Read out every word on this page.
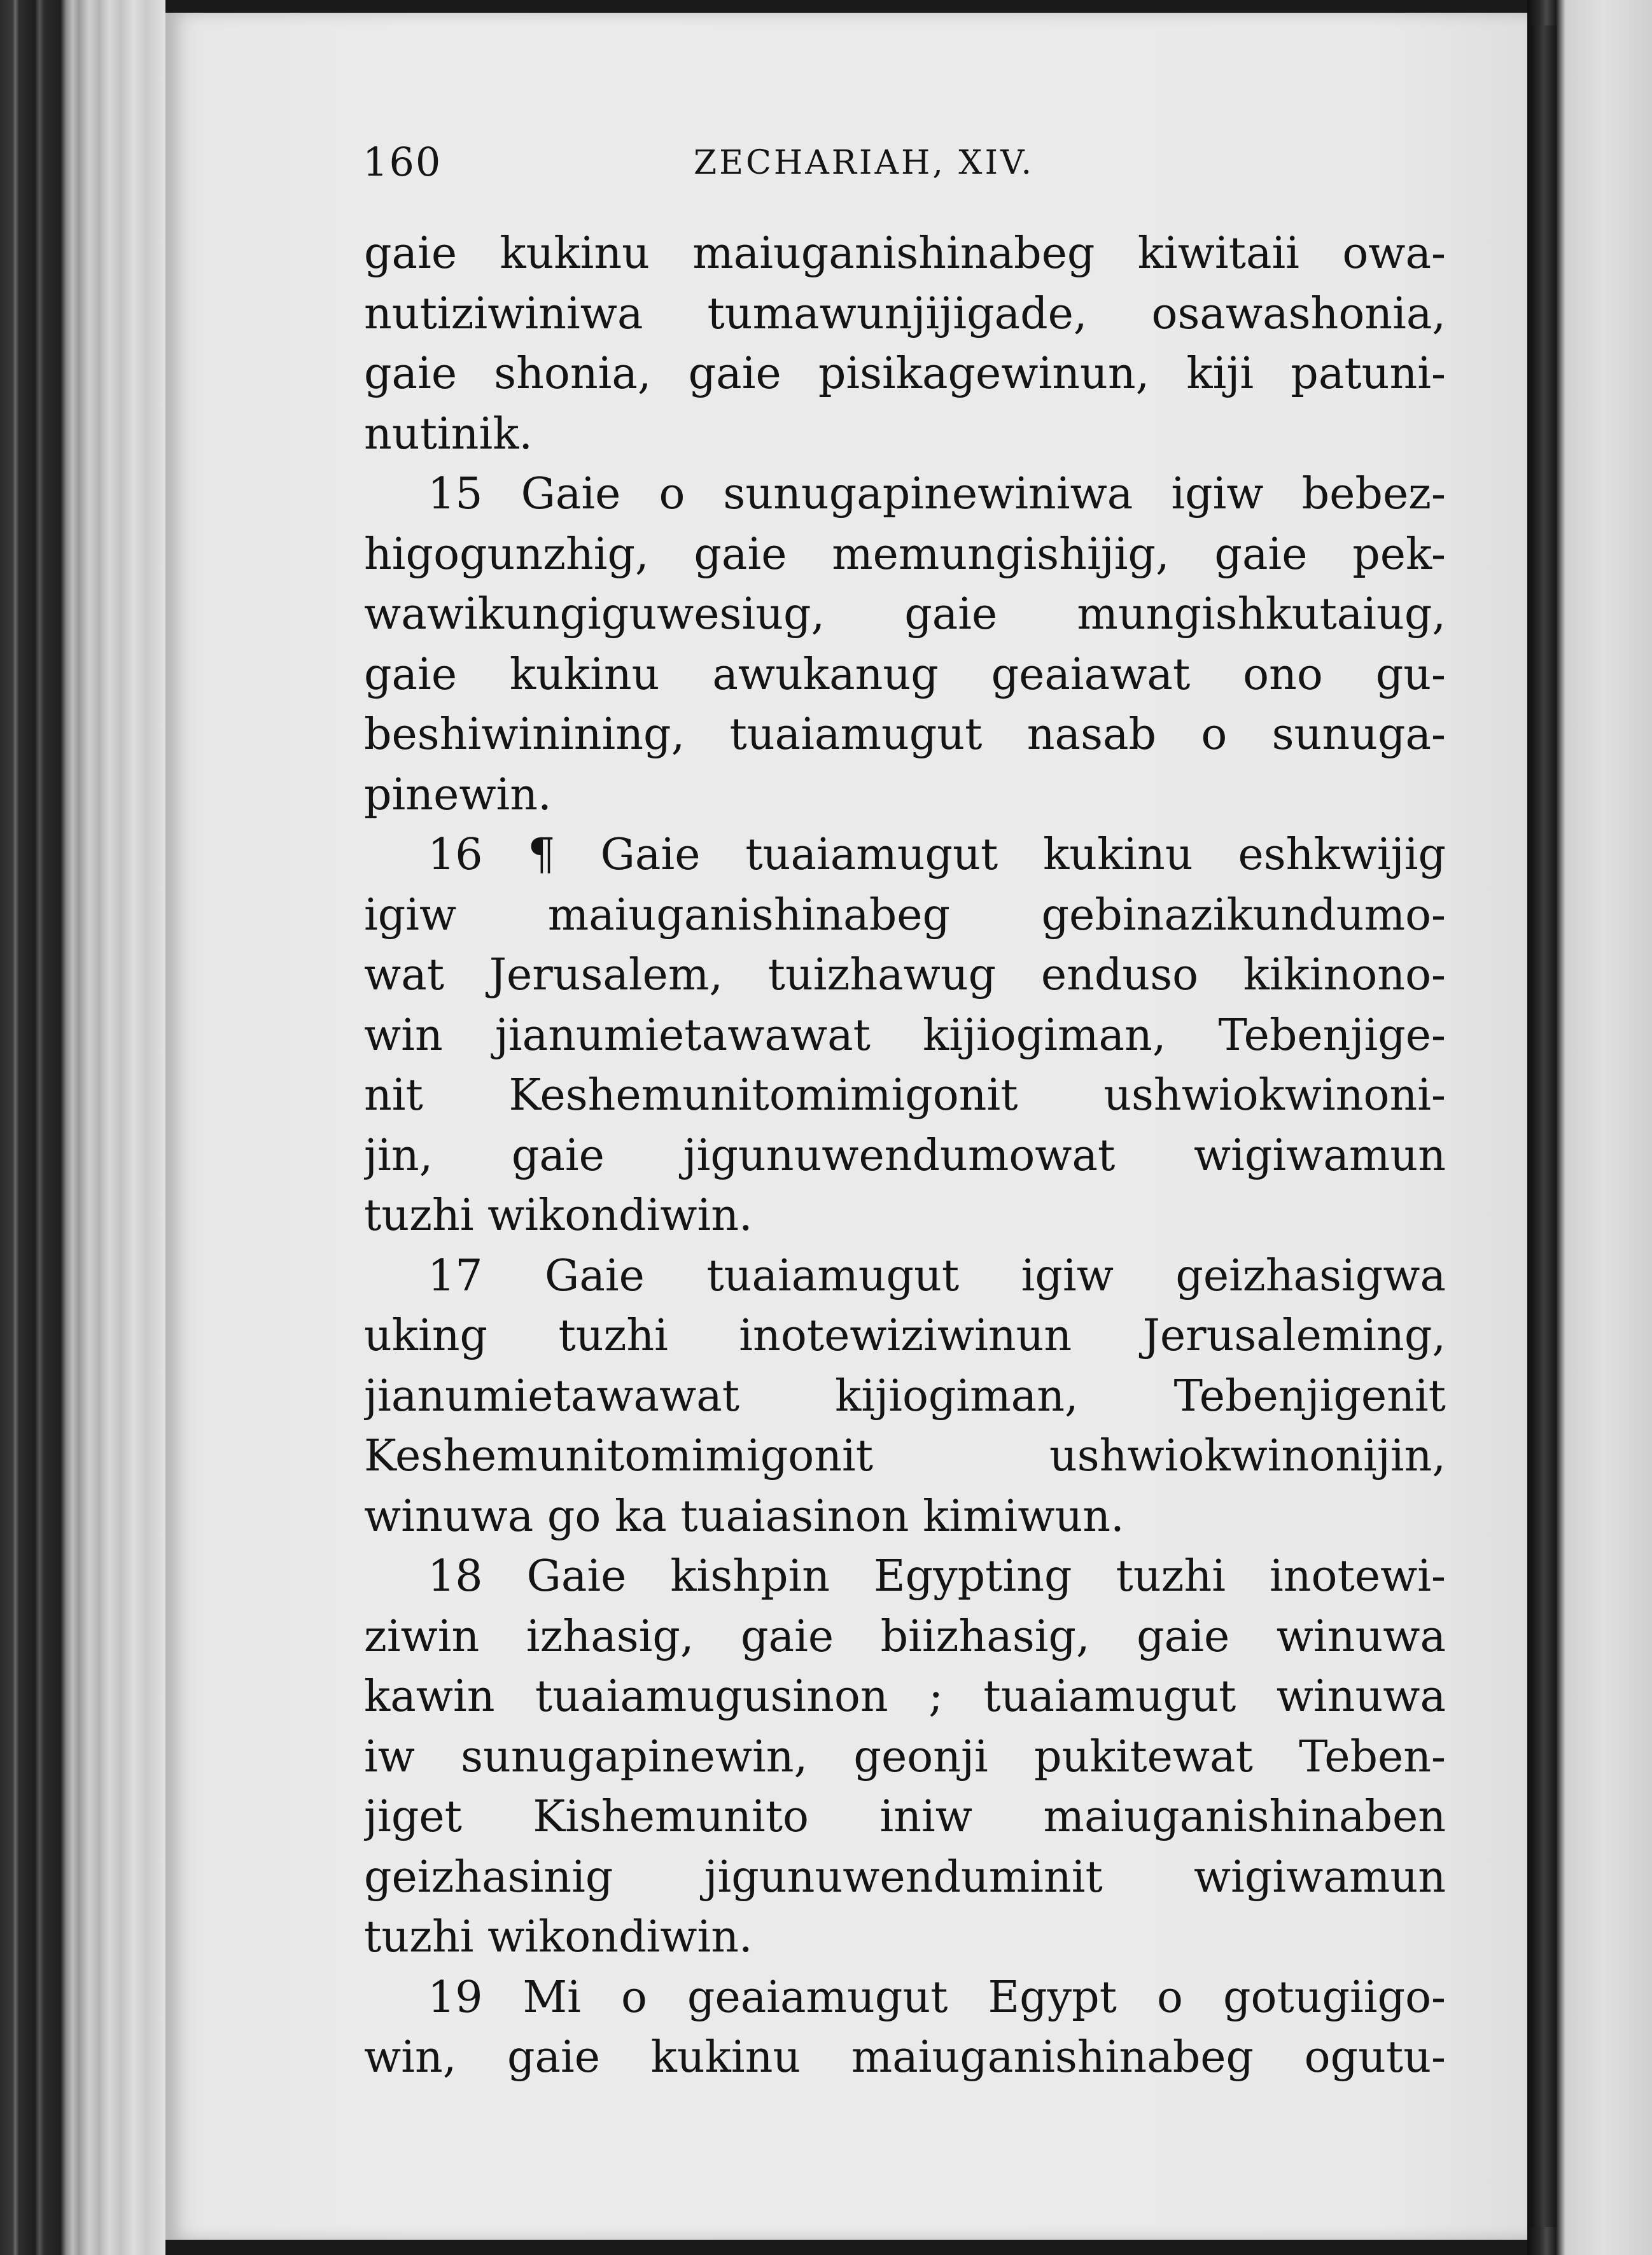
160	ZECHARIAH, XIV.
gaie kukinu maiuganishinabeg kiwitaii owa-
nutiziwiniwa tumawunjijigade, osawashonia,
gaie shonia, gaie pisikagewinun, kiji patuni-
nutinik.
15 Gaie o sunugapinewiniwa igiw bebez-
higogunzhig, gaie memungishijig, gaie pek-
wawikungiguwesiug, gaie mungishkutaiug,
gaie kukinu awukanug geaiawat ono gu-
beshiwinining, tuaiamugut nasab o sunuga-
pinewin.
16 ¶ Gaie tuaiamugut kukinu eshkwijig
igiw maiuganishinabeg gebinazikundumo-
wat Jerusalem, tuizhawug enduso kikinono-
win jianumietawawat kijiogiman, Tebenjige-
nit Keshemunitomimigonit ushwiokwinoni-
jin, gaie jigunuwendumowat wigiwamun
tuzhi wikondiwin.
17 Gaie tuaiamugut igiw geizhasigwa
uking tuzhi inotewiziwinun Jerusaleming,
jianumietawawat kijiogiman, Tebenjigenit
Keshemunitomimigonit ushwiokwinonijin,
winuwa go ka tuaiasinon kimiwun.
18 Gaie kishpin Egypting tuzhi inotewi-
ziwin izhasig, gaie biizhasig, gaie winuwa
kawin tuaiamugusinon ; tuaiamugut winuwa
iw sunugapinewin, geonji pukitewat Teben-
jiget Kishemunito iniw maiuganishinaben
geizhasinig jigunuwenduminit wigiwamun
tuzhi wikondiwin.
19 Mi o geaiamugut Egypt o gotugiigo-
win, gaie kukinu maiuganishinabeg ogutu-
